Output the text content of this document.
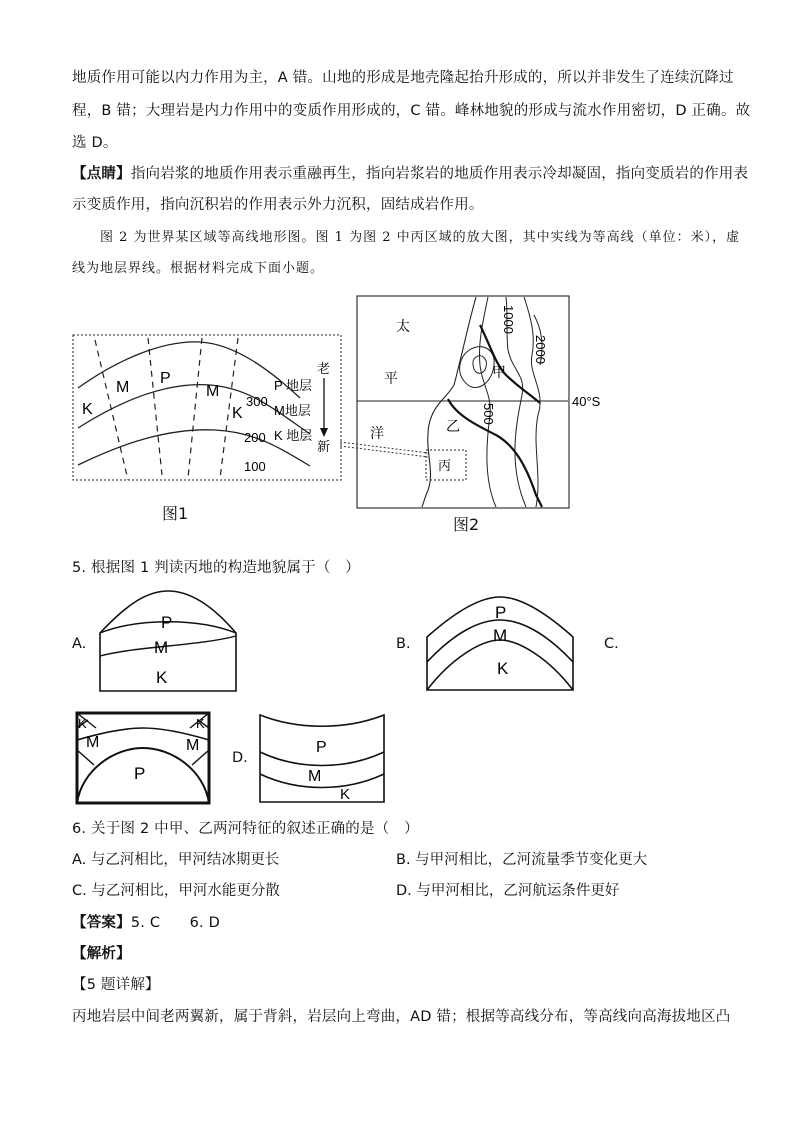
地质作用可能以内力作用为主，A 错。山地的形成是地壳隆起抬升形成的，所以并非发生了连续沉降过
程，B 错；大理岩是内力作用中的变质作用形成的，C 错。峰林地貌的形成与流水作用密切，D 正确。故
选 D。
【点睛】指向岩浆的地质作用表示重融再生，指向岩浆岩的地质作用表示冷却凝固，指向变质岩的作用表
示变质作用，指向沉积岩的作用表示外力沉积，固结成岩作用。
图 2 为世界某区域等高线地形图。图 1 为图 2 中丙区域的放大图，其中实线为等高线（单位：米），虚
线为地层界线。根据材料完成下面小题。
K
M
P
M
K
300
200
100
P 地层
M地层
K 地层
老
新
图1
太
平
洋
1000
2000
500
40°S
甲
乙
丙
图2
5. 根据图 1 判读丙地的构造地貌属于（　）
A.
P
M
K
B.
P
M
K
C.
K	K
M	M
P
D.
P
M
K
6. 关于图 2 中甲、乙两河特征的叙述正确的是（　）
A. 与乙河相比，甲河结冰期更长	B. 与甲河相比，乙河流量季节变化更大
C. 与乙河相比，甲河水能更分散	D. 与甲河相比，乙河航运条件更好
【答案】5. C　　6. D
【解析】
【5 题详解】
丙地岩层中间老两翼新，属于背斜，岩层向上弯曲，AD 错；根据等高线分布，等高线向高海拔地区凸
